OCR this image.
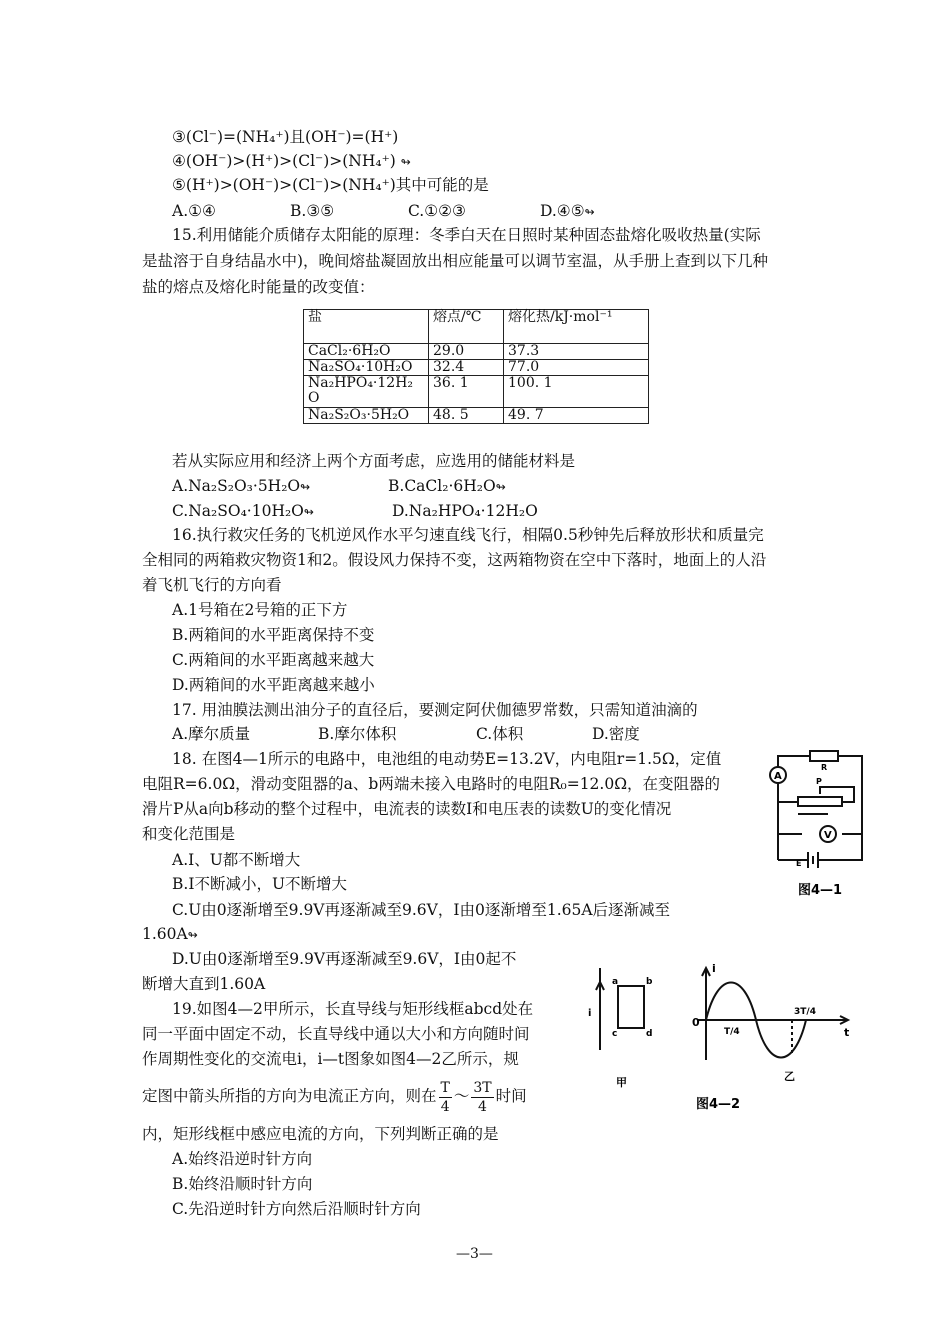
③(Cl⁻)=(NH₄⁺)且(OH⁻)=(H⁺)
④(OH⁻)>(H⁺)>(Cl⁻)>(NH₄⁺) ↬
⑤(H⁺)>(OH⁻)>(Cl⁻)>(NH₄⁺)其中可能的是
A.①④	B.③⑤	C.①②③	D.④⑤↬
15.利用储能介质储存太阳能的原理：冬季白天在日照时某种固态盐熔化吸收热量(实际
是盐溶于自身结晶水中)，晚间熔盐凝固放出相应能量可以调节室温，从手册上查到以下几种
盐的熔点及熔化时能量的改变值：
盐	熔点/℃	熔化热/kJ·mol⁻¹
CaCl₂·6H₂O	29.0	37.3
Na₂SO₄·10H₂O	32.4	77.0
Na₂HPO₄·12H₂O	36. 1	100. 1
Na₂S₂O₃·5H₂O	48. 5	49. 7
若从实际应用和经济上两个方面考虑，应选用的储能材料是
A.Na₂S₂O₃·5H₂O↬	B.CaCl₂·6H₂O↬
C.Na₂SO₄·10H₂O↬	D.Na₂HPO₄·12H₂O
16.执行救灾任务的飞机逆风作水平匀速直线飞行，相隔0.5秒钟先后释放形状和质量完
全相同的两箱救灾物资1和2。假设风力保持不变，这两箱物资在空中下落时，地面上的人沿
着飞机飞行的方向看
A.1号箱在2号箱的正下方
B.两箱间的水平距离保持不变
C.两箱间的水平距离越来越大
D.两箱间的水平距离越来越小
17. 用油膜法测出油分子的直径后，要测定阿伏伽德罗常数，只需知道油滴的
A.摩尔质量	B.摩尔体积	C.体积	D.密度
18. 在图4—1所示的电路中，电池组的电动势E=13.2V，内电阻r=1.5Ω，定值
电阻R=6.0Ω，滑动变阻器的a、b两端未接入电路时的电阻R₀=12.0Ω，在变阻器的
滑片P从a向b移动的整个过程中，电流表的读数I和电压表的读数U的变化情况
和变化范围是
A.I、U都不断增大
B.I不断减小，U不断增大
C.U由0逐渐增至9.9V再逐渐减至9.6V，I由0逐渐增至1.65A后逐渐减至
1.60A↬
D.U由0逐渐增至9.9V再逐渐减至9.6V，I由0起不
断增大直到1.60A
A
V
R
P
E
图4—1
19.如图4—2甲所示，长直导线与矩形线框abcd处在
同一平面中固定不动，长直导线中通以大小和方向随时间
作周期性变化的交流电i，i—t图象如图4—2乙所示，规
定图中箭头所指的方向为电流正方向，则在 $\frac{T}{4}$ ～ $\frac{3T}{4}$ 时间
内，矩形线框中感应电流的方向，下列判断正确的是
A.始终沿逆时针方向
B.始终沿顺时针方向
C.先沿逆时针方向然后沿顺时针方向
i
a	b
c	d
i
t
0
T/4
3T/4
甲	乙
图4—2
—3—
